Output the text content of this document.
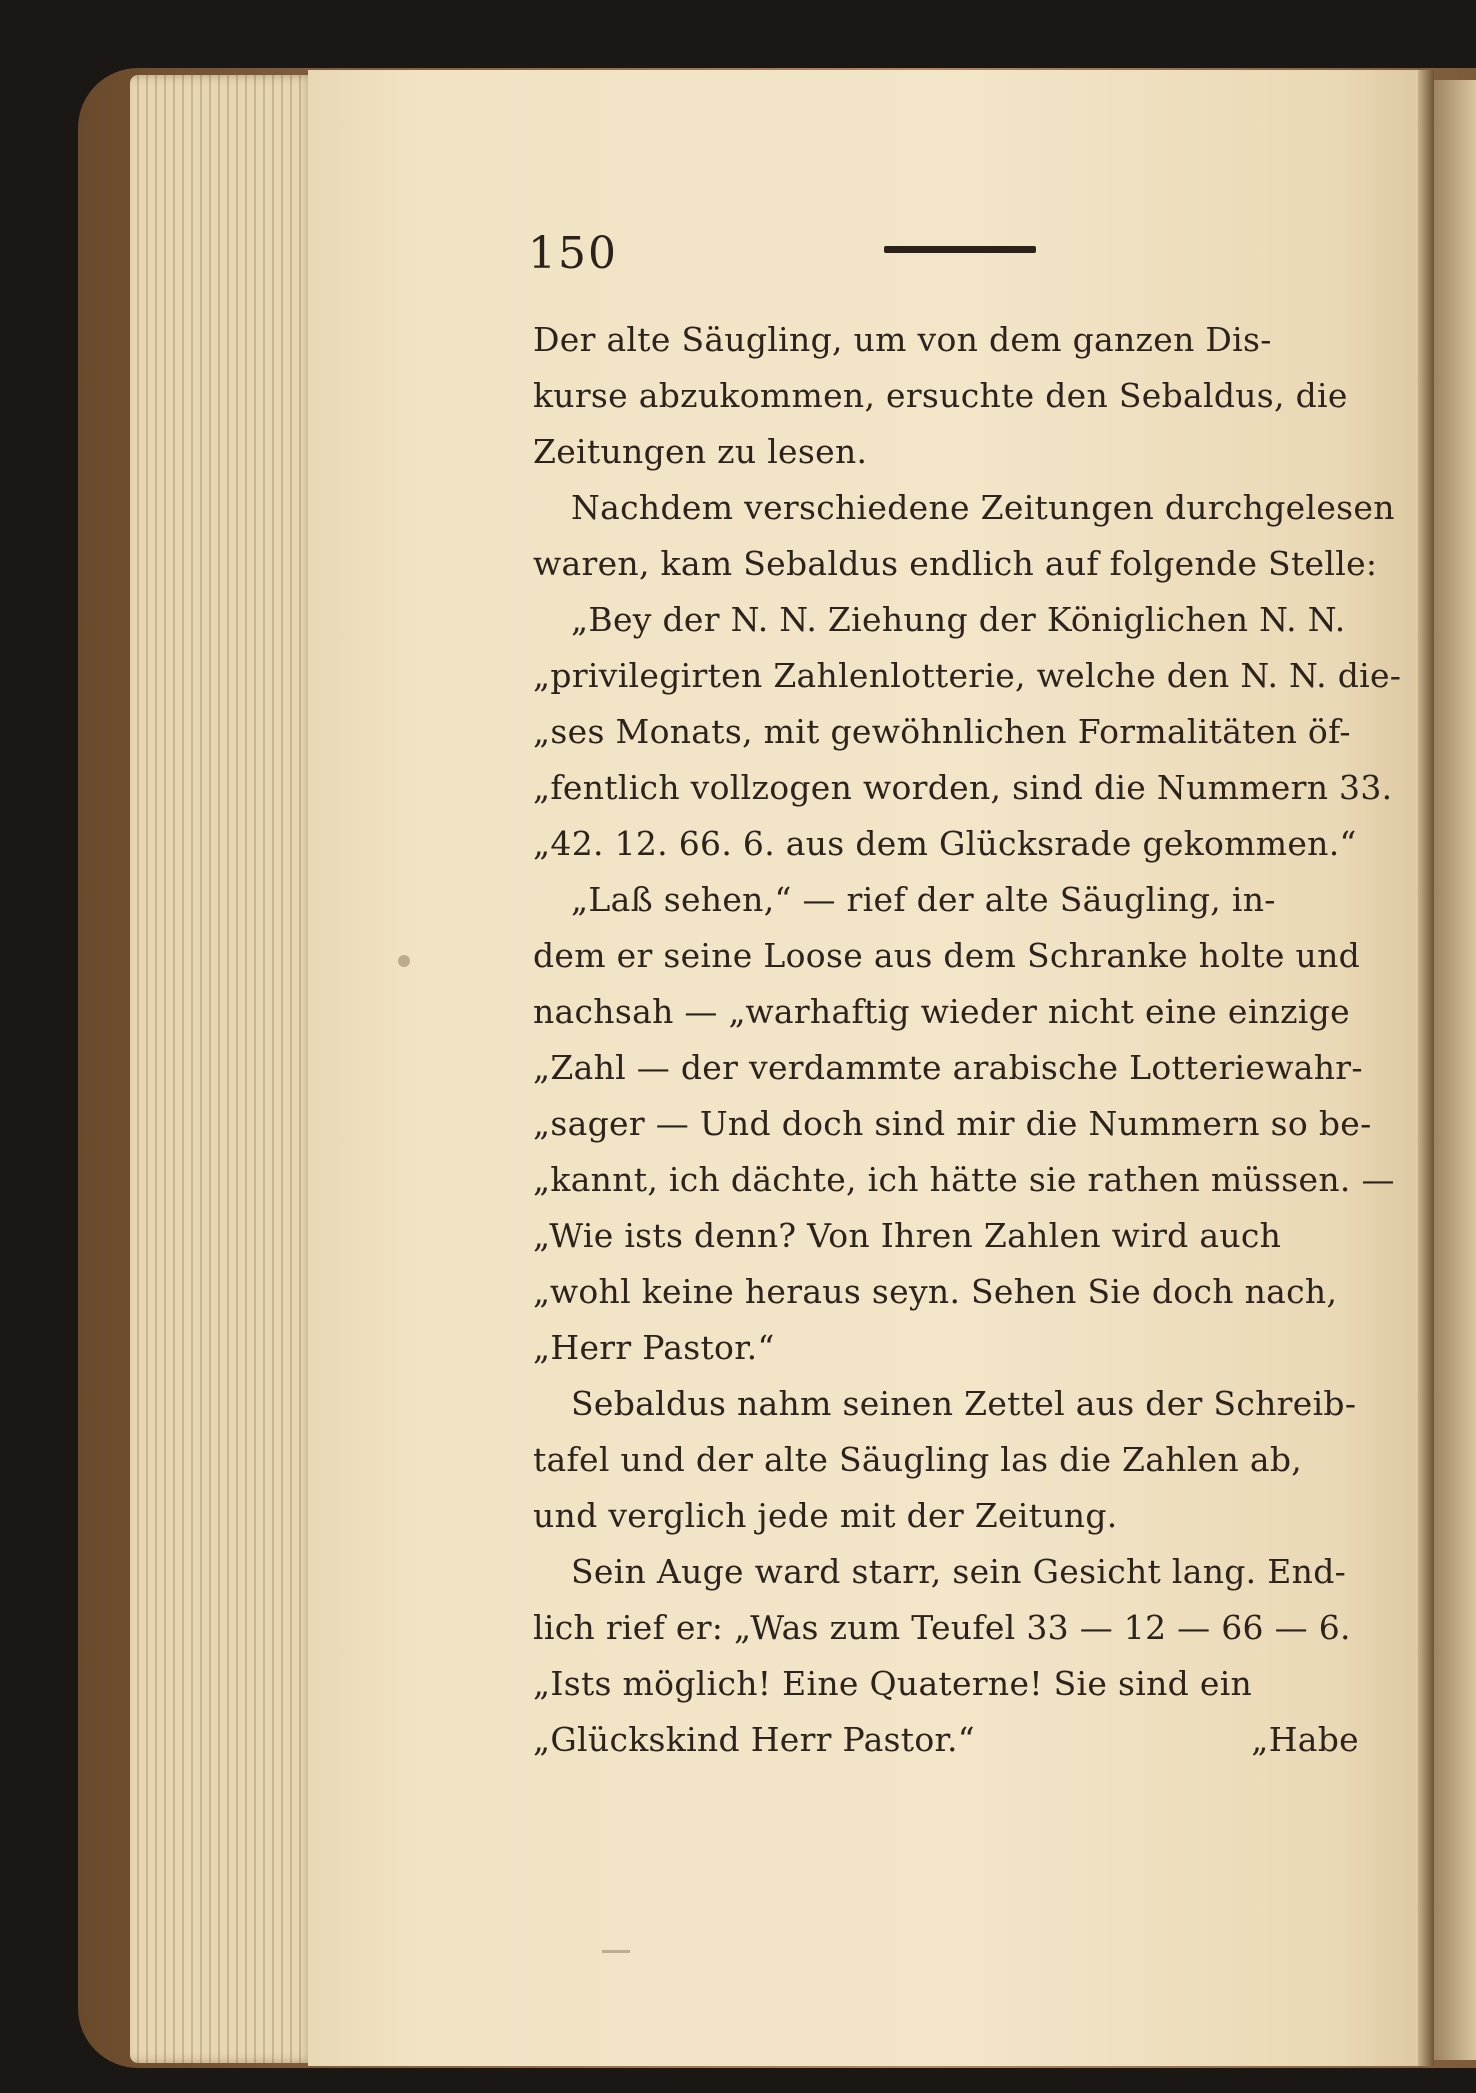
150
Der alte Säugling, um von dem ganzen Dis-
kurse abzukommen, ersuchte den Sebaldus, die
Zeitungen zu lesen.
Nachdem verschiedene Zeitungen durchgelesen
waren, kam Sebaldus endlich auf folgende Stelle:
„Bey der N. N. Ziehung der Königlichen N. N.
„privilegirten Zahlenlotterie, welche den N. N. die-
„ses Monats, mit gewöhnlichen Formalitäten öf-
„fentlich vollzogen worden, sind die Nummern 33.
„42. 12. 66. 6. aus dem Glücksrade gekommen.“
„Laß sehen,“ — rief der alte Säugling, in-
dem er seine Loose aus dem Schranke holte und
nachsah — „warhaftig wieder nicht eine einzige
„Zahl — der verdammte arabische Lotteriewahr-
„sager — Und doch sind mir die Nummern so be-
„kannt, ich dächte, ich hätte sie rathen müssen. —
„Wie ists denn? Von Ihren Zahlen wird auch
„wohl keine heraus seyn. Sehen Sie doch nach,
„Herr Pastor.“
Sebaldus nahm seinen Zettel aus der Schreib-
tafel und der alte Säugling las die Zahlen ab,
und verglich jede mit der Zeitung.
Sein Auge ward starr, sein Gesicht lang. End-
lich rief er: „Was zum Teufel 33 — 12 — 66 — 6.
„Ists möglich! Eine Quaterne! Sie sind ein
„Glückskind Herr Pastor.“	„Habe
